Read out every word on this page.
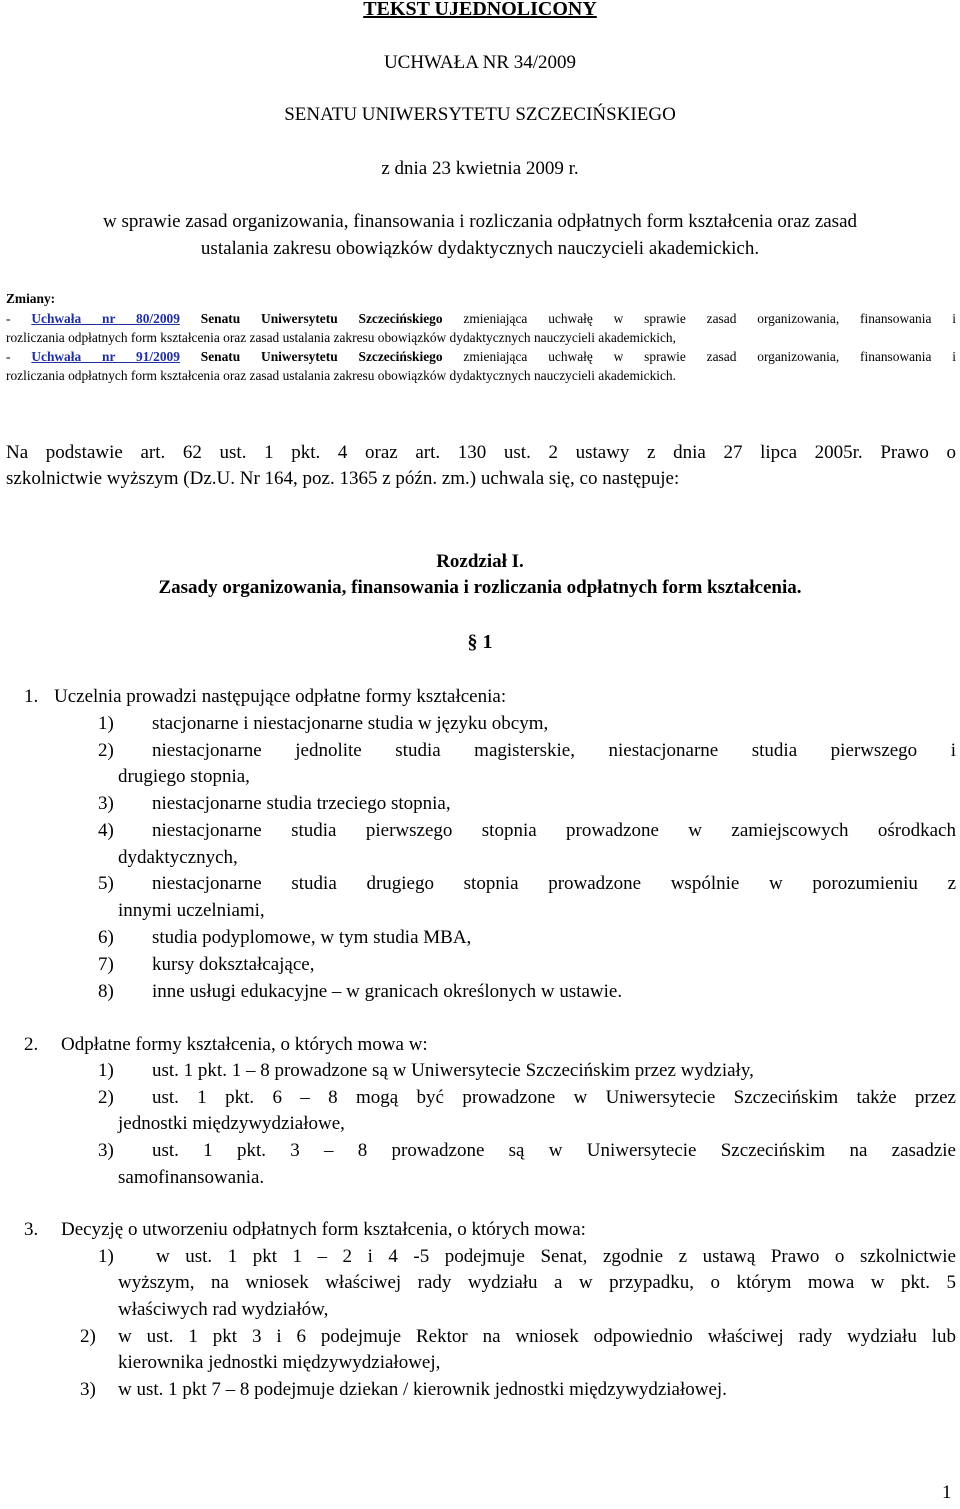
TEKST UJEDNOLICONY
UCHWAŁA NR 34/2009
SENATU UNIWERSYTETU SZCZECIŃSKIEGO
z dnia 23 kwietnia 2009 r.
w sprawie zasad organizowania, finansowania i rozliczania odpłatnych form kształcenia oraz zasad
ustalania zakresu obowiązków dydaktycznych nauczycieli akademickich.
Zmiany:
- Uchwała nr 80/2009 Senatu Uniwersytetu Szczecińskiego zmieniająca uchwałę w sprawie zasad organizowania, finansowania i
rozliczania odpłatnych form kształcenia oraz zasad ustalania zakresu obowiązków dydaktycznych nauczycieli akademickich,
- Uchwała nr 91/2009 Senatu Uniwersytetu Szczecińskiego zmieniająca uchwałę w sprawie zasad organizowania, finansowania i
rozliczania odpłatnych form kształcenia oraz zasad ustalania zakresu obowiązków dydaktycznych nauczycieli akademickich.
Na podstawie art. 62 ust. 1 pkt. 4 oraz art. 130 ust. 2 ustawy z dnia 27 lipca 2005r. Prawo o
szkolnictwie wyższym (Dz.U. Nr 164, poz. 1365 z późn. zm.) uchwala się, co następuje:
Rozdział I.
Zasady organizowania, finansowania i rozliczania odpłatnych form kształcenia.
§ 1
1. Uczelnia prowadzi następujące odpłatne formy kształcenia:
1) stacjonarne i niestacjonarne studia w języku obcym,
2) niestacjonarne jednolite studia magisterskie, niestacjonarne studia pierwszego i
drugiego stopnia,
3) niestacjonarne studia trzeciego stopnia,
4) niestacjonarne studia pierwszego stopnia prowadzone w zamiejscowych ośrodkach
dydaktycznych,
5) niestacjonarne studia drugiego stopnia prowadzone wspólnie w porozumieniu z
innymi uczelniami,
6) studia podyplomowe, w tym studia MBA,
7) kursy dokształcające,
8) inne usługi edukacyjne – w granicach określonych w ustawie.
2. Odpłatne formy kształcenia, o których mowa w:
1) ust. 1 pkt. 1 – 8 prowadzone są w Uniwersytecie Szczecińskim przez wydziały,
2) ust. 1 pkt. 6 – 8 mogą być prowadzone w Uniwersytecie Szczecińskim także przez
jednostki międzywydziałowe,
3) ust. 1 pkt. 3 – 8 prowadzone są w Uniwersytecie Szczecińskim na zasadzie
samofinansowania.
3. Decyzję o utworzeniu odpłatnych form kształcenia, o których mowa:
1) w ust. 1 pkt 1 – 2 i 4 -5 podejmuje Senat, zgodnie z ustawą Prawo o szkolnictwie
wyższym, na wniosek właściwej rady wydziału a w przypadku, o którym mowa w pkt. 5
właściwych rad wydziałów,
2) w ust. 1 pkt 3 i 6 podejmuje Rektor na wniosek odpowiednio właściwej rady wydziału lub
kierownika jednostki międzywydziałowej,
3) w ust. 1 pkt 7 – 8 podejmuje dziekan / kierownik jednostki międzywydziałowej.
1
